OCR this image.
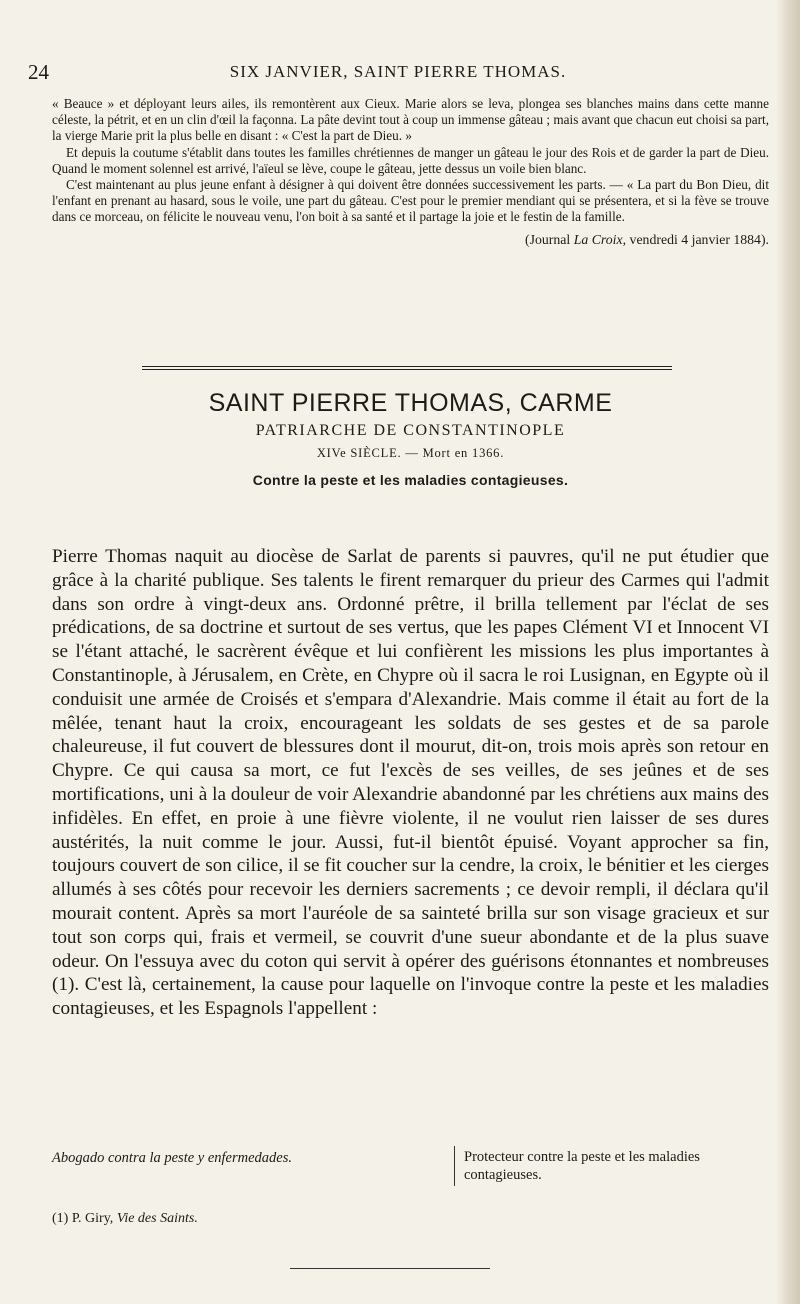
24	SIX JANVIER, SAINT PIERRE THOMAS.

« Beauce » et déployant leurs ailes, ils remontèrent aux Cieux. Marie alors se leva, plongea ses blanches mains dans cette manne céleste, la pétrit, et en un clin d'œil la façonna. La pâte devint tout à coup un immense gâteau ; mais avant que chacun eut choisi sa part, la vierge Marie prit la plus belle en disant : « C'est la part de Dieu. »

Et depuis la coutume s'établit dans toutes les familles chrétiennes de manger un gâteau le jour des Rois et de garder la part de Dieu. Quand le moment solennel est arrivé, l'aïeul se lève, coupe le gâteau, jette dessus un voile bien blanc.

C'est maintenant au plus jeune enfant à désigner à qui doivent être données successivement les parts. — « La part du Bon Dieu, dit l'enfant en prenant au hasard, sous le voile, une part du gâteau. C'est pour le premier mendiant qui se présentera, et si la fève se trouve dans ce morceau, on félicite le nouveau venu, l'on boit à sa santé et il partage la joie et le festin de la famille.

(Journal La Croix, vendredi 4 janvier 1884).

SAINT PIERRE THOMAS, CARME
PATRIARCHE DE CONSTANTINOPLE
XIVe SIÈCLE. — Mort en 1366.
Contre la peste et les maladies contagieuses.

Pierre Thomas naquit au diocèse de Sarlat de parents si pauvres, qu'il ne put étudier que grâce à la charité publique. Ses talents le firent remarquer du prieur des Carmes qui l'admit dans son ordre à vingt-deux ans. Ordonné prêtre, il brilla tellement par l'éclat de ses prédications, de sa doctrine et surtout de ses vertus, que les papes Clément VI et Innocent VI se l'étant attaché, le sacrèrent évêque et lui confièrent les missions les plus importantes à Constantinople, à Jérusalem, en Crète, en Chypre où il sacra le roi Lusignan, en Egypte où il conduisit une armée de Croisés et s'empara d'Alexandrie. Mais comme il était au fort de la mêlée, tenant haut la croix, encourageant les soldats de ses gestes et de sa parole chaleureuse, il fut couvert de blessures dont il mourut, dit-on, trois mois après son retour en Chypre. Ce qui causa sa mort, ce fut l'excès de ses veilles, de ses jeûnes et de ses mortifications, uni à la douleur de voir Alexandrie abandonné par les chrétiens aux mains des infidèles. En effet, en proie à une fièvre violente, il ne voulut rien laisser de ses dures austérités, la nuit comme le jour. Aussi, fut-il bientôt épuisé. Voyant approcher sa fin, toujours couvert de son cilice, il se fit coucher sur la cendre, la croix, le bénitier et les cierges allumés à ses côtés pour recevoir les derniers sacrements ; ce devoir rempli, il déclara qu'il mourait content. Après sa mort l'auréole de sa sainteté brilla sur son visage gracieux et sur tout son corps qui, frais et vermeil, se couvrit d'une sueur abondante et de la plus suave odeur. On l'essuya avec du coton qui servit à opérer des guérisons étonnantes et nombreuses (1). C'est là, certainement, la cause pour laquelle on l'invoque contre la peste et les maladies contagieuses, et les Espagnols l'appellent :

Abogado contra la peste y enfermedades.	Protecteur contre la peste et les maladies contagieuses.
(1) P. Giry, Vie des Saints.
